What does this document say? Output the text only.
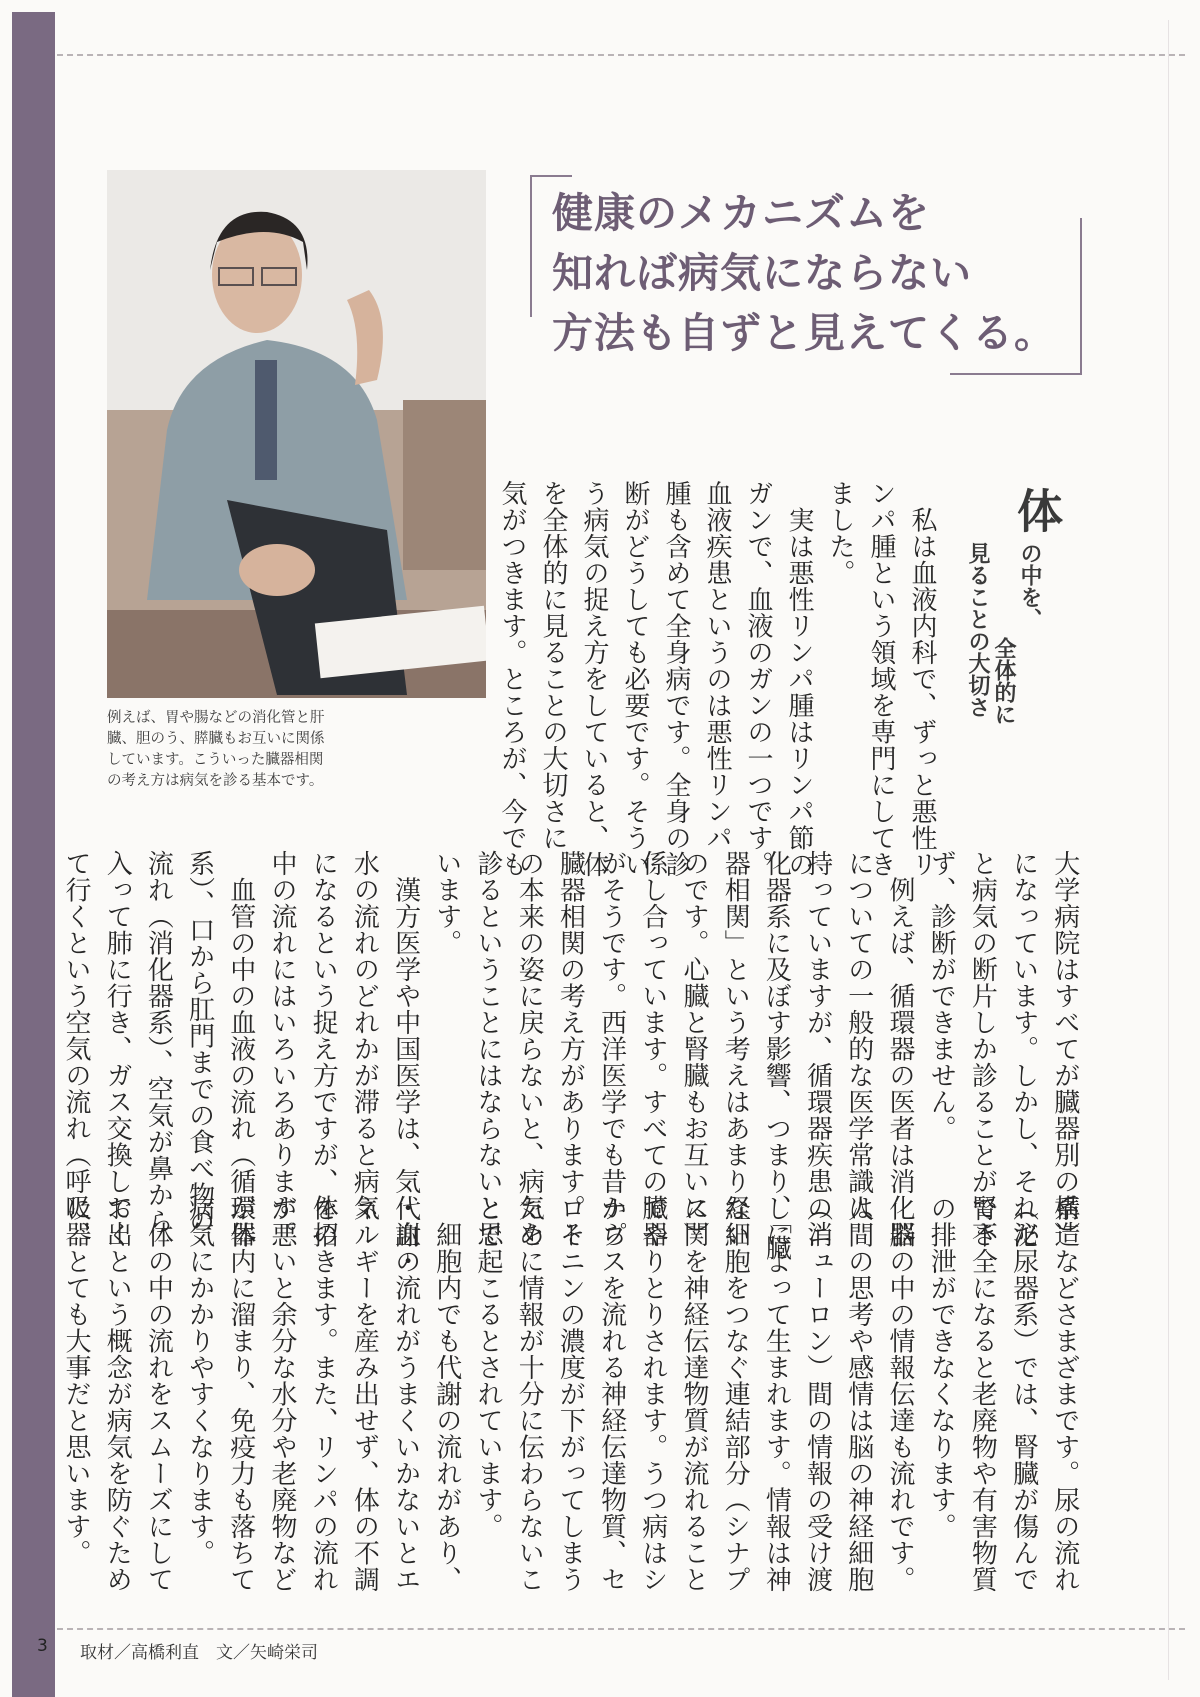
例えば、胃や腸などの消化管と肝
臓、胆のう、膵臓もお互いに関係
しています。こういった臓器相関
の考え方は病気を診る基本です。
健康のメカニズムを
知れば病気にならない
方法も自ずと見えてくる。
体
の中を、
全体的に
見ることの大切さ

　私は血液内科で、ずっと悪性リ

ンパ腫という領域を専門にしてき

ました。

　実は悪性リンパ腫はリンパ節の

ガンで、血液のガンの一つです。

血液疾患というのは悪性リンパ

腫も含めて全身病です。全身の診

断がどうしても必要です。そうい

う病気の捉え方をしていると、体

を全体的に見ることの大切さに

気がつきます。ところが、今でも

大学病院はすべてが臓器別の構造

になっています。しかし、それだ

と病気の断片しか診ることができ

ず、診断ができません。

　例えば、循環器の医者は消化器

についての一般的な医学常識は

持っていますが、循環器疾患の消

化器系に及ぼす影響、つまり、「臓

器相関」という考えはあまりない

のです。心臓と腎臓もお互いに関

係し合っています。すべての臓器

がそうです。西洋医学でも昔から

臓器相関の考え方があります。そ

の本来の姿に戻らないと、病気を

診るということにはならないと思

います。

　漢方医学や中国医学は、気・血・

水の流れのどれかが滞ると病気

になるという捉え方ですが、体の

中の流れにはいろいろあります。

　血管の中の血液の流れ（循環器

系）、口から肛門までの食べ物の

流れ（消化器系）、空気が鼻から

入って肺に行き、ガス交換して出

て行くという空気の流れ（呼吸器

系）などさまざまです。尿の流れ

（泌尿器系）では、腎臓が傷んで

腎不全になると老廃物や有害物質

の排泄ができなくなります。

　脳の中の情報伝達も流れです。

人間の思考や感情は脳の神経細胞

（ニューロン）間の情報の受け渡

しによって生まれます。情報は神

経細胞をつなぐ連結部分（シナプ

ス）を神経伝達物質が流れること

でやりとりされます。うつ病はシ

ナプスを流れる神経伝達物質、セ

ロトニンの濃度が下がってしまう

ために情報が十分に伝わらないこ

とで起こるとされています。

　細胞内でも代謝の流れがあり、

代謝の流れがうまくいかないとエ

ネルギーを産み出せず、体の不調

を招きます。また、リンパの流れ

が悪いと余分な水分や老廃物など

が体内に溜まり、免疫力も落ちて

病気にかかりやすくなります。

　体の中の流れをスムーズにして

おくという概念が病気を防ぐため

に、とても大事だと思います。

3 取材／高橋利直　文／矢崎栄司
